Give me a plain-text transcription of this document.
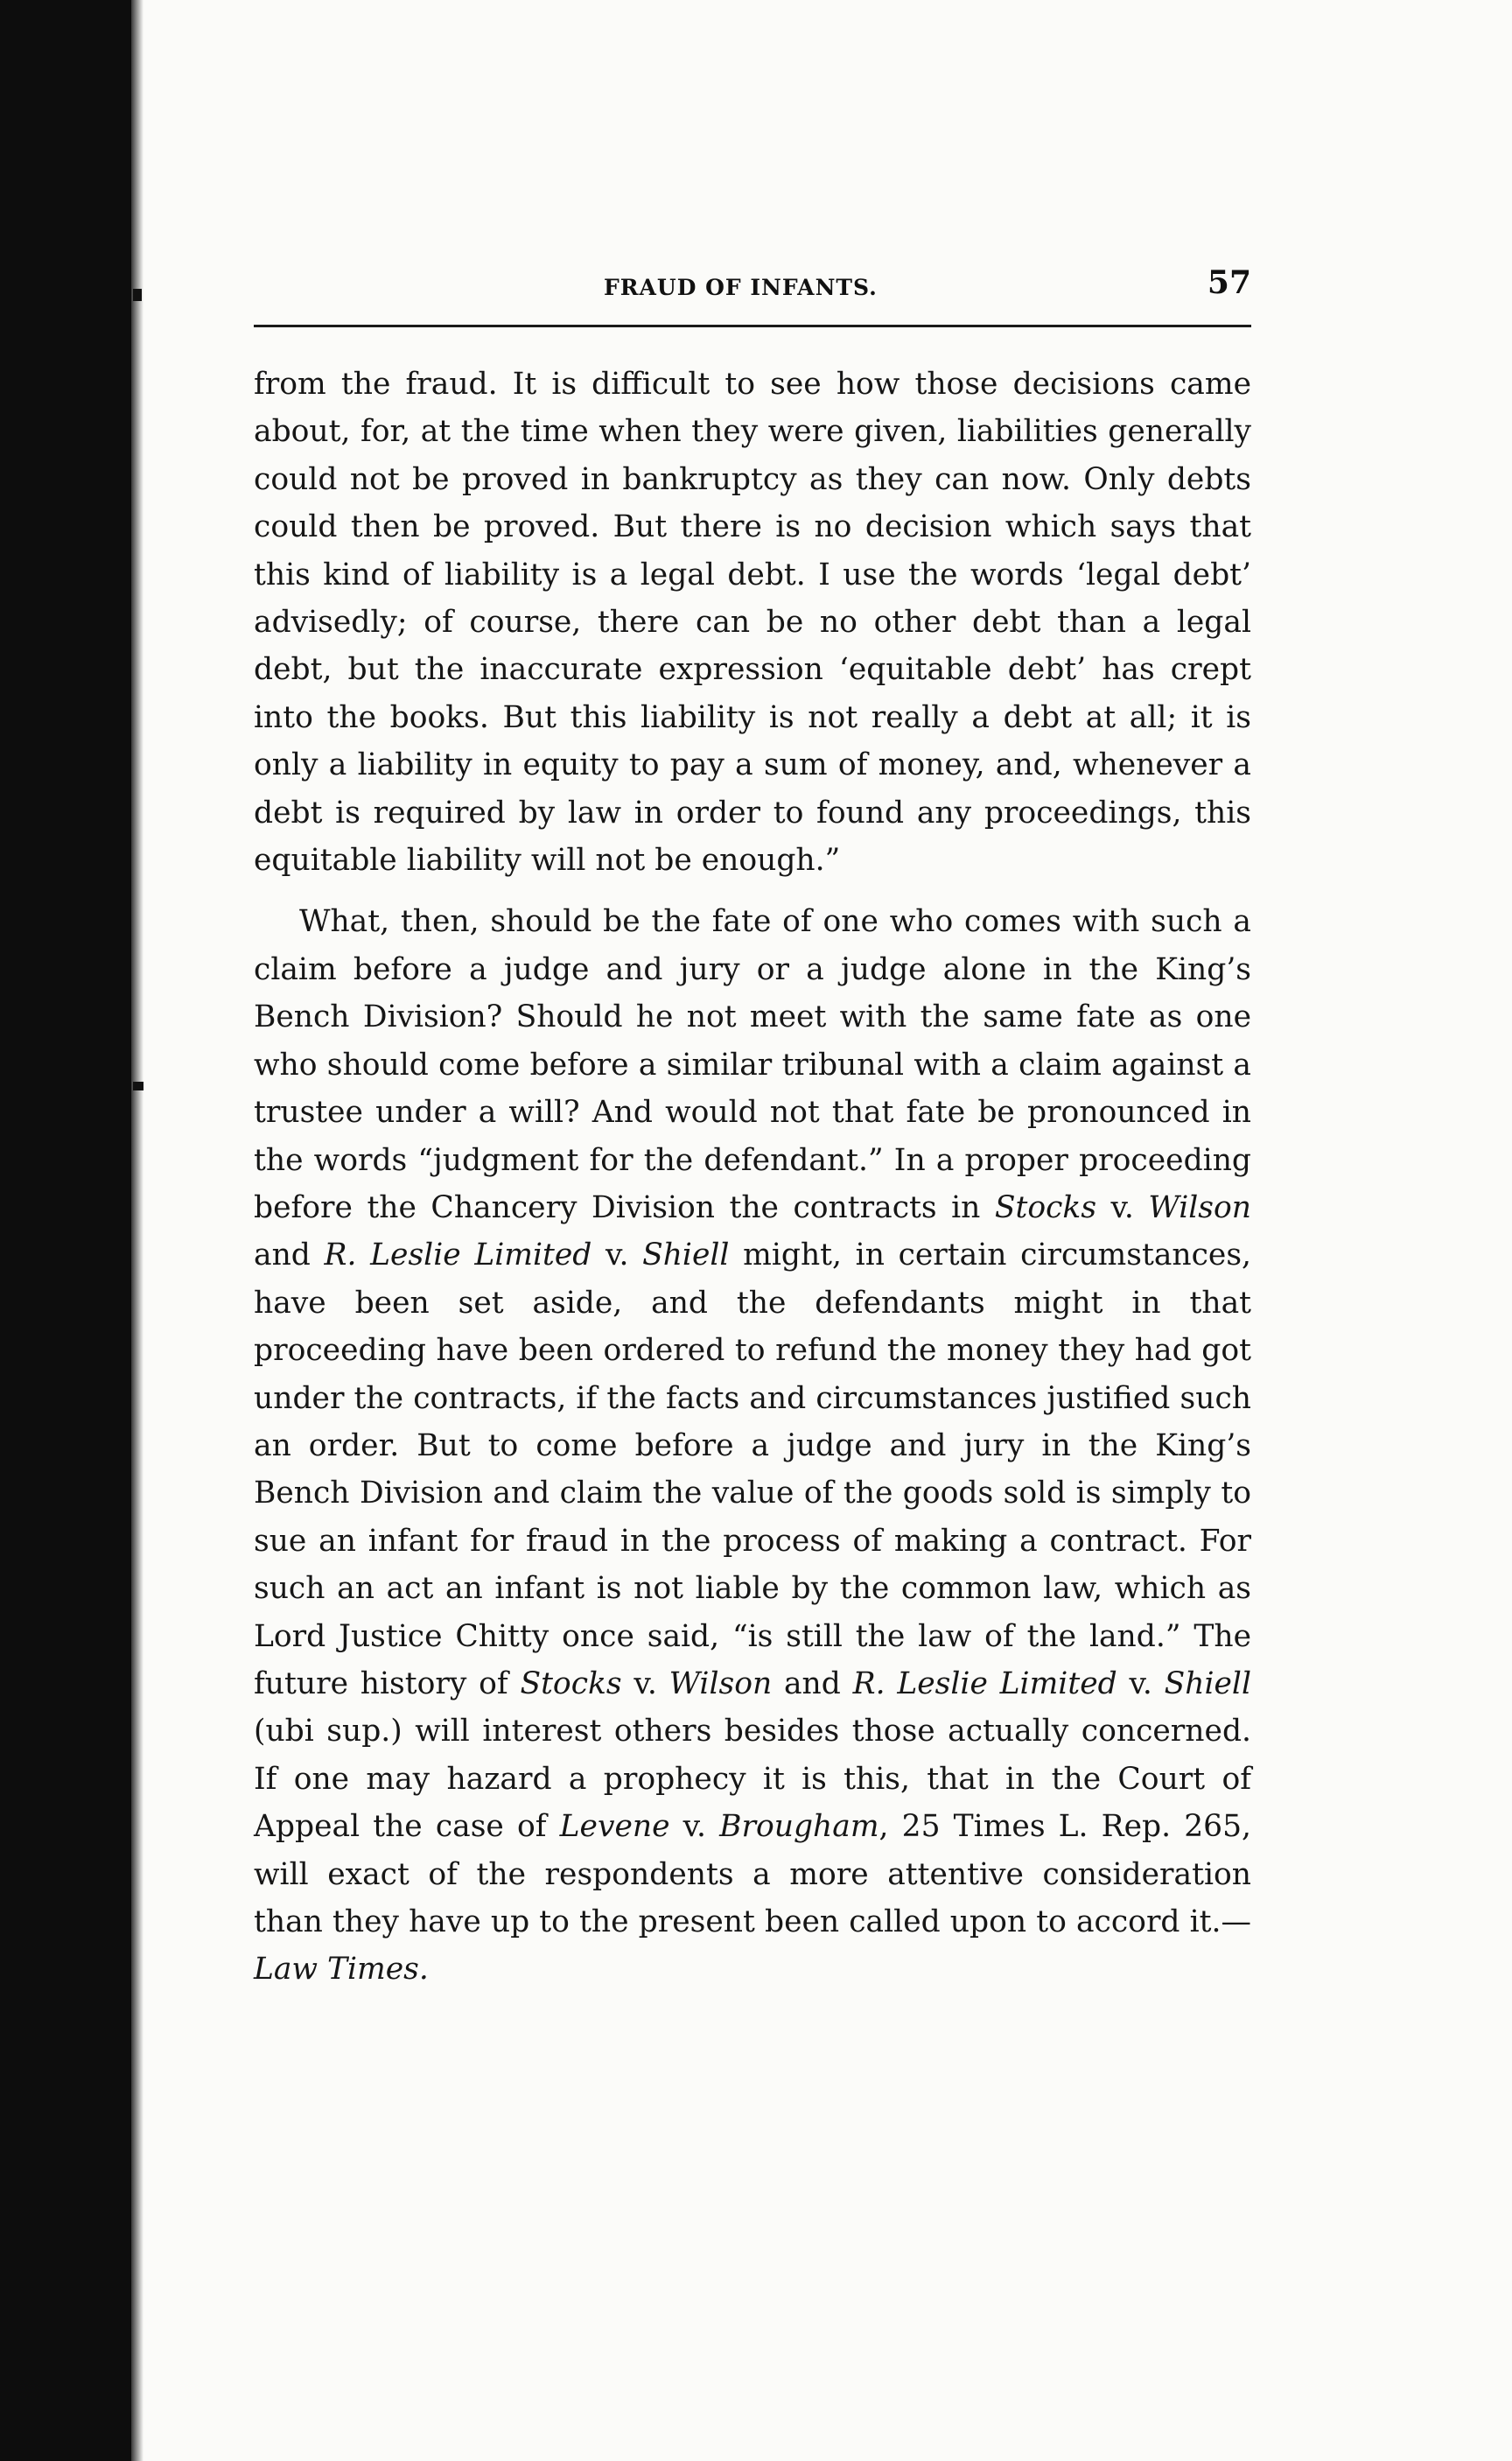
FRAUD OF INFANTS.	57

from the fraud. It is difficult to see how those decisions came about, for, at the time when they were given, liabilities generally could not be proved in bankruptcy as they can now. Only debts could then be proved. But there is no decision which says that this kind of liability is a legal debt. I use the words ‘legal debt’ advisedly; of course, there can be no other debt than a legal debt, but the inaccurate expression ‘equitable debt’ has crept into the books. But this liability is not really a debt at all; it is only a liability in equity to pay a sum of money, and, whenever a debt is required by law in order to found any proceedings, this equitable liability will not be enough.”

What, then, should be the fate of one who comes with such a claim before a judge and jury or a judge alone in the King’s Bench Division? Should he not meet with the same fate as one who should come before a similar tribunal with a claim against a trustee under a will? And would not that fate be pronounced in the words “judgment for the defendant.” In a proper proceeding before the Chancery Division the contracts in Stocks v. Wilson and R. Leslie Limited v. Shiell might, in certain circumstances, have been set aside, and the defendants might in that proceeding have been ordered to refund the money they had got under the contracts, if the facts and circumstances justified such an order. But to come before a judge and jury in the King’s Bench Division and claim the value of the goods sold is simply to sue an infant for fraud in the process of making a contract. For such an act an infant is not liable by the common law, which as Lord Justice Chitty once said, “is still the law of the land.” The future history of Stocks v. Wilson and R. Leslie Limited v. Shiell (ubi sup.) will interest others besides those actually concerned. If one may hazard a prophecy it is this, that in the Court of Appeal the case of Levene v. Brougham, 25 Times L. Rep. 265, will exact of the respondents a more attentive consideration than they have up to the present been called upon to accord it.—Law Times.
